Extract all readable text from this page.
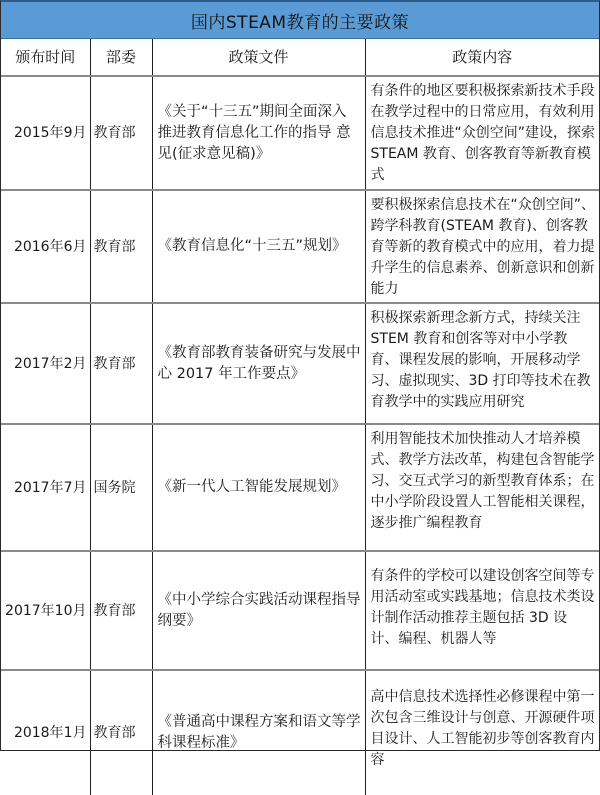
国内STEAM教育的主要政策
颁布时间	部委	政策文件	政策内容
2015年9月	教育部	《关于“十三五”期间全面深入 推进教育信息化工作的指导 意见(征求意见稿)》	有条件的地区要积极探索新技术手段在教学过程中的日常应用，有效利用信息技术推进“众创空间”建设，探索 STEAM 教育、创客教育等新教育模式
2016年6月	教育部	《教育信息化“十三五”规划》	要积极探索信息技术在“众创空间”、跨学科教育(STEAM 教育)、创客教育等新的教育模式中的应用，着力提升学生的信息素养、创新意识和创新能力
2017年2月	教育部	《教育部教育装备研究与发展中心 2017 年工作要点》	积极探索新理念新方式，持续关注 STEM 教育和创客等对中小学教育、课程发展的影响，开展移动学习、虚拟现实、3D 打印等技术在教育教学中的实践应用研究
2017年7月	国务院	《新一代人工智能发展规划》	利用智能技术加快推动人才培养模式、教学方法改革，构建包含智能学习、交互式学习的新型教育体系；在中小学阶段设置人工智能相关课程，逐步推广编程教育
2017年10月	教育部	《中小学综合实践活动课程指导纲要》	有条件的学校可以建设创客空间等专用活动室或实践基地；信息技术类设计制作活动推荐主题包括 3D 设计、编程、机器人等
2018年1月	教育部	《普通高中课程方案和语文等学科课程标准》	高中信息技术选择性必修课程中第一次包含三维设计与创意、开源硬件项目设计、人工智能初步等创客教育内容
